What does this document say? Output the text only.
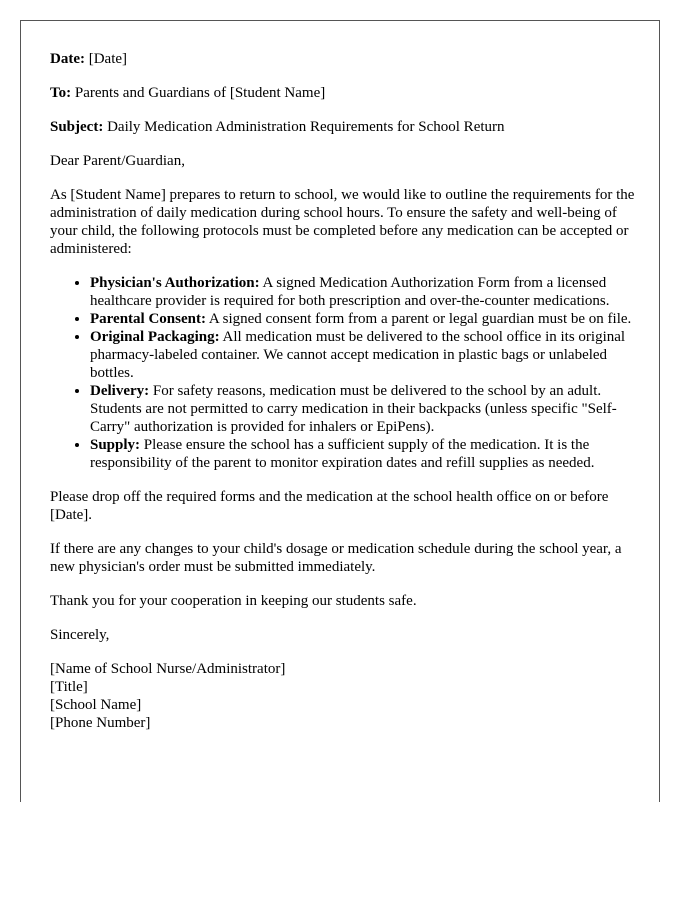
Date: [Date]

To: Parents and Guardians of [Student Name]

Subject: Daily Medication Administration Requirements for School Return

Dear Parent/Guardian,

As [Student Name] prepares to return to school, we would like to outline the requirements for the administration of daily medication during school hours. To ensure the safety and well-being of your child, the following protocols must be completed before any medication can be accepted or administered:

• Physician's Authorization: A signed Medication Authorization Form from a licensed healthcare provider is required for both prescription and over-the-counter medications.
• Parental Consent: A signed consent form from a parent or legal guardian must be on file.
• Original Packaging: All medication must be delivered to the school office in its original pharmacy-labeled container. We cannot accept medication in plastic bags or unlabeled bottles.
• Delivery: For safety reasons, medication must be delivered to the school by an adult. Students are not permitted to carry medication in their backpacks (unless specific "Self-Carry" authorization is provided for inhalers or EpiPens).
• Supply: Please ensure the school has a sufficient supply of the medication. It is the responsibility of the parent to monitor expiration dates and refill supplies as needed.

Please drop off the required forms and the medication at the school health office on or before [Date].

If there are any changes to your child's dosage or medication schedule during the school year, a new physician's order must be submitted immediately.

Thank you for your cooperation in keeping our students safe.

Sincerely,

[Name of School Nurse/Administrator]

[Title]

[School Name]

[Phone Number]
